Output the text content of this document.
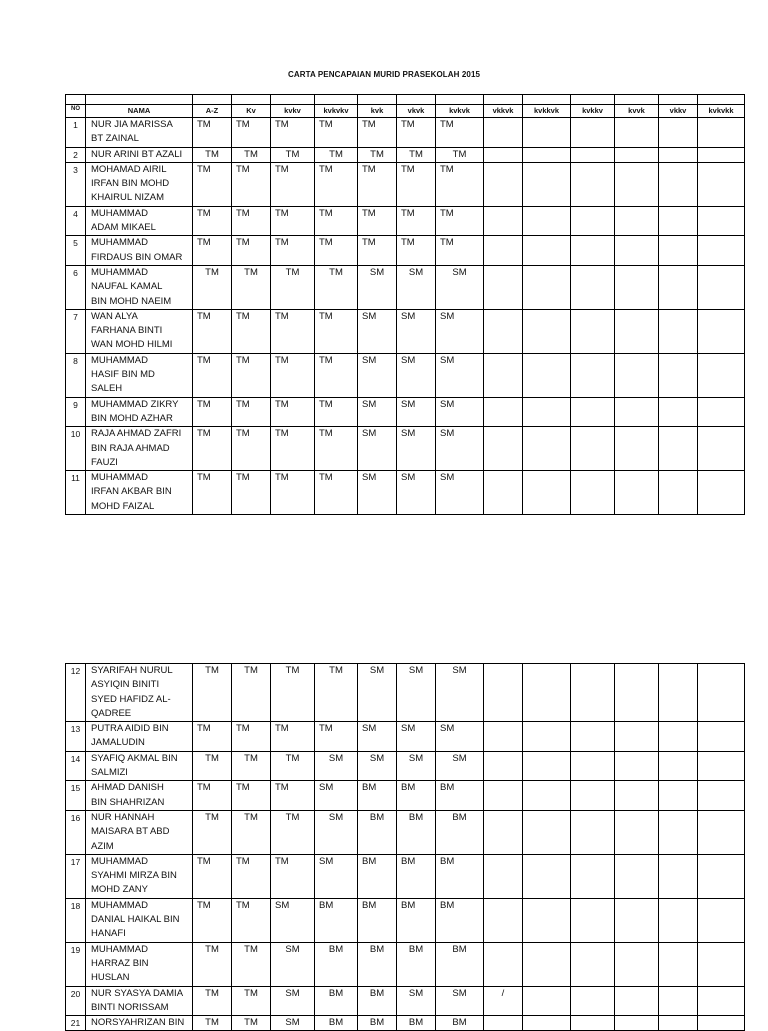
CARTA PENCAPAIAN MURID PRASEKOLAH 2015

NO	NAMA	A-Z	Kv	kvkv	kvkvkv	kvk	vkvk	kvkvk	vkkvk	kvkkvk	kvkkv	kvvk	vkkv	kvkvkk
1	NUR JIA MARISSA
BT ZAINAL	TM	TM	TM	TM	TM	TM	TM						
2	NUR ARINI BT AZALI	TM	TM	TM	TM	TM	TM	TM						
3	MOHAMAD AIRIL
IRFAN BIN MOHD
KHAIRUL NIZAM	TM	TM	TM	TM	TM	TM	TM						
4	MUHAMMAD
ADAM MIKAEL	TM	TM	TM	TM	TM	TM	TM						
5	MUHAMMAD
FIRDAUS BIN OMAR	TM	TM	TM	TM	TM	TM	TM						
6	MUHAMMAD
NAUFAL KAMAL
BIN MOHD NAEIM	TM	TM	TM	TM	SM	SM	SM						
7	WAN ALYA
FARHANA BINTI
WAN MOHD HILMI	TM	TM	TM	TM	SM	SM	SM						
8	MUHAMMAD
HASIF BIN MD
SALEH	TM	TM	TM	TM	SM	SM	SM						
9	MUHAMMAD ZIKRY
BIN MOHD AZHAR	TM	TM	TM	TM	SM	SM	SM						
10	RAJA AHMAD ZAFRI
BIN RAJA AHMAD
FAUZI	TM	TM	TM	TM	SM	SM	SM						
11	MUHAMMAD
IRFAN AKBAR BIN
MOHD FAIZAL	TM	TM	TM	TM	SM	SM	SM						
12	SYARIFAH NURUL
ASYIQIN BINITI
SYED HAFIDZ AL-
QADREE	TM	TM	TM	TM	SM	SM	SM						
13	PUTRA AIDID BIN
JAMALUDIN	TM	TM	TM	TM	SM	SM	SM						
14	SYAFIQ AKMAL BIN
SALMIZI	TM	TM	TM	SM	SM	SM	SM						
15	AHMAD DANISH
BIN SHAHRIZAN	TM	TM	TM	SM	BM	BM	BM						
16	NUR HANNAH
MAISARA BT ABD
AZIM	TM	TM	TM	SM	BM	BM	BM						
17	MUHAMMAD
SYAHMI MIRZA BIN
MOHD ZANY	TM	TM	TM	SM	BM	BM	BM						
18	MUHAMMAD
DANIAL HAIKAL BIN
HANAFI	TM	TM	SM	BM	BM	BM	BM						
19	MUHAMMAD
HARRAZ BIN
HUSLAN	TM	TM	SM	BM	BM	BM	BM						
20	NUR SYASYA DAMIA
BINTI NORISSAM	TM	TM	SM	BM	BM	SM	SM	/					
21	NORSYAHRIZAN BIN	TM	TM	SM	BM	BM	BM	BM						
